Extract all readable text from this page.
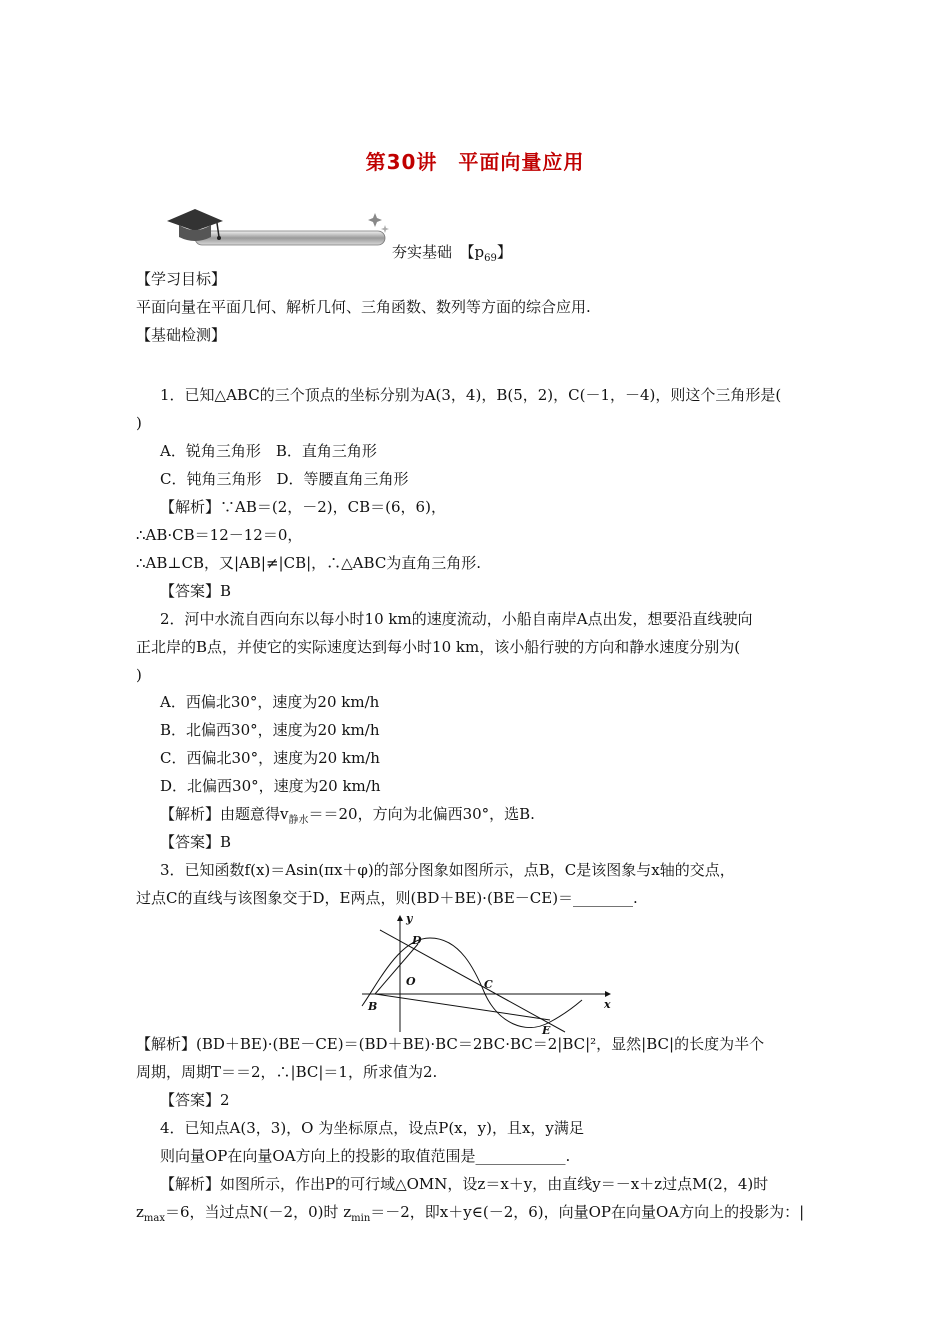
第30讲　平面向量应用
夯实基础　【$p_{69}$】
【学习目标】
平面向量在平面几何、解析几何、三角函数、数列等方面的综合应用.
【基础检测】
1．已知△ABC的三个顶点的坐标分别为A(3，4)，B(5，2)，C(－1，－4)，则这个三角形是(
)
A．锐角三角形　B．直角三角形
C．钝角三角形　D．等腰直角三角形
【解析】∵AB＝(2，－2)，CB＝(6，6)，
∴AB·CB＝12－12＝0，
∴AB⊥CB，又|AB|≠|CB|，∴△ABC为直角三角形.
【答案】B
2．河中水流自西向东以每小时10 km的速度流动，小船自南岸A点出发，想要沿直线驶向
正北岸的B点，并使它的实际速度达到每小时10 km，该小船行驶的方向和静水速度分别为(
)
A．西偏北30°，速度为20 km/h
B．北偏西30°，速度为20 km/h
C．西偏北30°，速度为20 km/h
D．北偏西30°，速度为20 km/h
【解析】由题意得$v_{静水}==20$，方向为北偏西30°，选B.
【答案】B
3．已知函数f(x)＝Asin(πx＋φ)的部分图象如图所示，点B，C是该图象与x轴的交点，
过点C的直线与该图象交于D，E两点，则(BD＋BE)·(BE－CE)＝________.
y
x
O
B
C
D
E
【解析】(BD＋BE)·(BE－CE)＝(BD＋BE)·BC＝2BC·BC＝2|BC|²，显然|BC|的长度为半个
周期，周期T＝＝2，∴|BC|＝1，所求值为2.
【答案】2
4．已知点A(3，3)，O 为坐标原点，设点P(x，y)，且x，y满足
则向量OP在向量OA方向上的投影的取值范围是____________.
【解析】如图所示，作出P的可行域△OMN，设z＝x＋y，由直线y＝－x＋z过点M(2，4)时
$z_{max}=6$，当过点N(－2，0)时 $z_{min}=-2$，即x＋y∈(－2，6)，向量OP在向量OA方向上的投影为：|
